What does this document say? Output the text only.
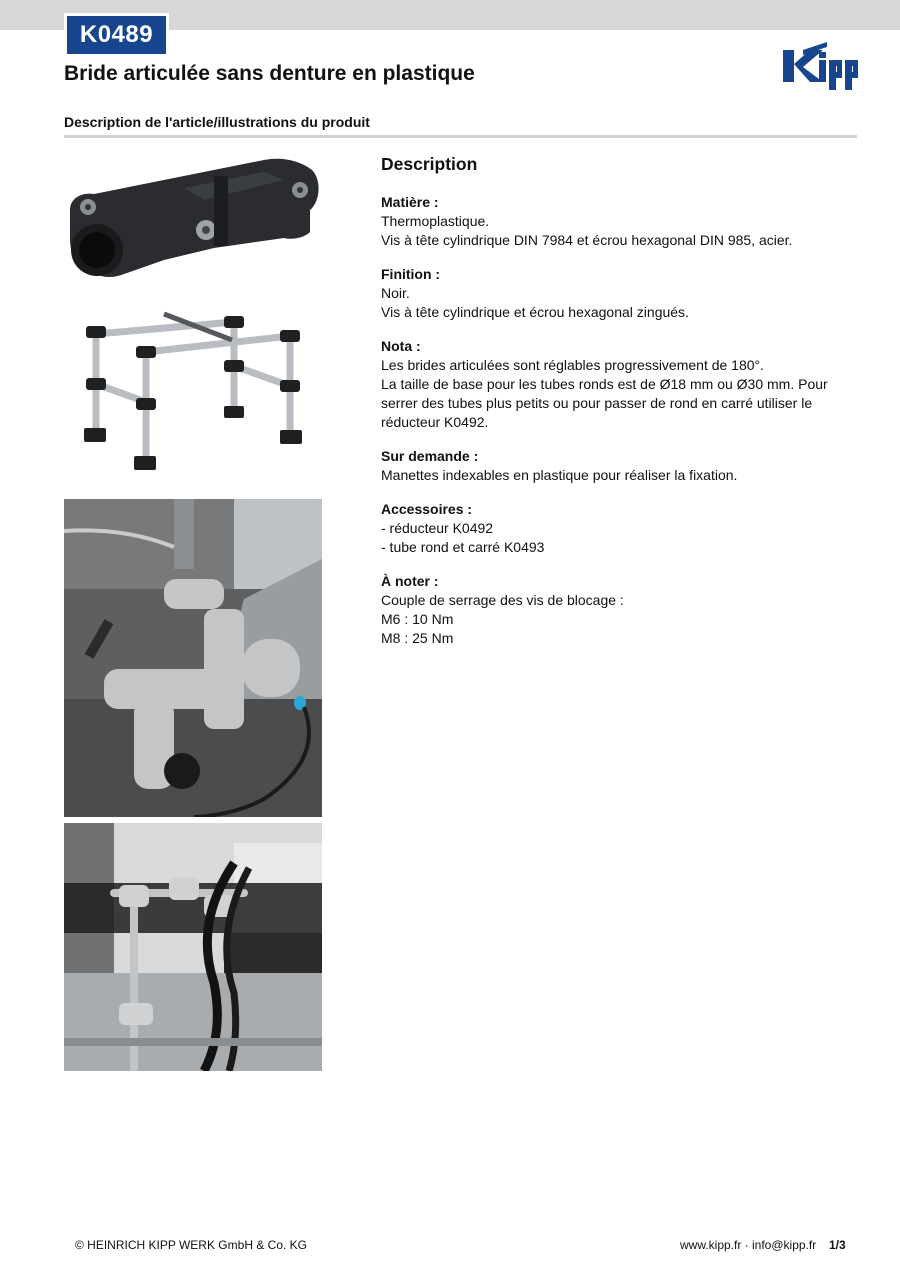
K0489
Bride articulée sans denture en plastique
Description de l'article/illustrations du produit
Description
Matière :
Thermoplastique.
Vis à tête cylindrique DIN 7984 et écrou hexagonal DIN 985, acier.
Finition :
Noir.
Vis à tête cylindrique et écrou hexagonal zingués.
Nota :
Les brides articulées sont réglables progressivement de 180°.
La taille de base pour les tubes ronds est de Ø18 mm ou Ø30 mm. Pour serrer des tubes plus petits ou pour passer de rond en carré utiliser le réducteur K0492.
Sur demande :
Manettes indexables en plastique pour réaliser la fixation.
Accessoires :
- réducteur K0492
- tube rond et carré K0493
À noter :
Couple de serrage des vis de blocage :
M6 : 10 Nm
M8 : 25 Nm
© HEINRICH KIPP WERK GmbH & Co. KG	www.kipp.fr · info@kipp.fr 1/3
